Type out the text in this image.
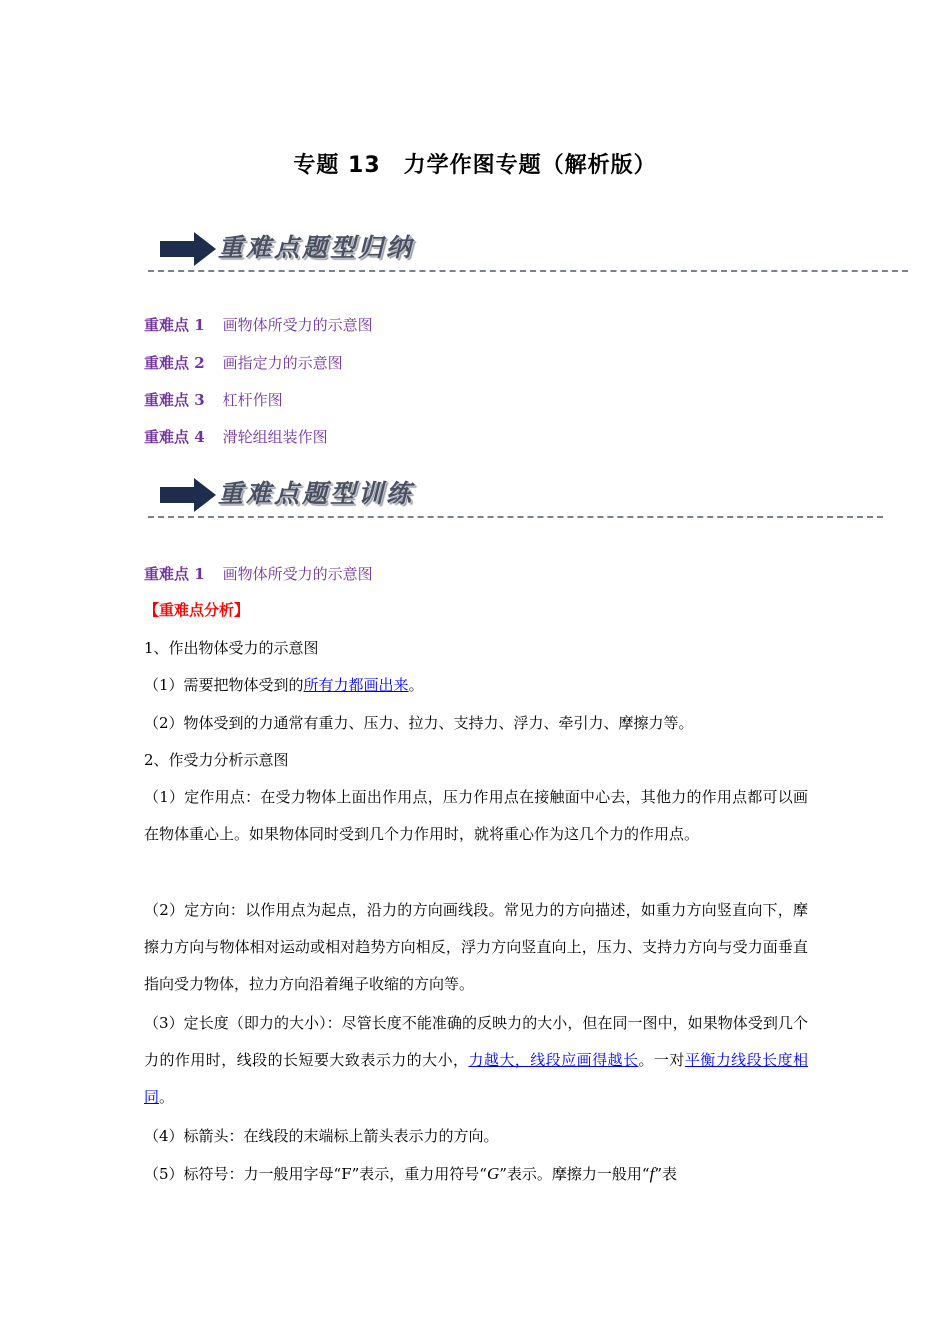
专题 13　力学作图专题（解析版）
重难点题型归纳
重难点 1 画物体所受力的示意图
重难点 2 画指定力的示意图
重难点 3 杠杆作图
重难点 4 滑轮组组装作图
重难点题型训练
重难点 1 画物体所受力的示意图
【重难点分析】
1、作出物体受力的示意图
（1）需要把物体受到的所有力都画出来。
（2）物体受到的力通常有重力、压力、拉力、支持力、浮力、牵引力、摩擦力等。
2、作受力分析示意图
（1）定作用点：在受力物体上面出作用点，压力作用点在接触面中心去，其他力的作用点都可以画在物体重心上。如果物体同时受到几个力作用时，就将重心作为这几个力的作用点。
（2）定方向：以作用点为起点，沿力的方向画线段。常见力的方向描述，如重力方向竖直向下，摩擦力方向与物体相对运动或相对趋势方向相反，浮力方向竖直向上，压力、支持力方向与受力面垂直指向受力物体，拉力方向沿着绳子收缩的方向等。
（3）定长度（即力的大小）：尽管长度不能准确的反映力的大小，但在同一图中，如果物体受到几个力的作用时，线段的长短要大致表示力的大小，力越大，线段应画得越长。一对平衡力线段长度相同。
（4）标箭头：在线段的末端标上箭头表示力的方向。
（5）标符号：力一般用字母“F”表示，重力用符号“G”表示。摩擦力一般用“f”表
